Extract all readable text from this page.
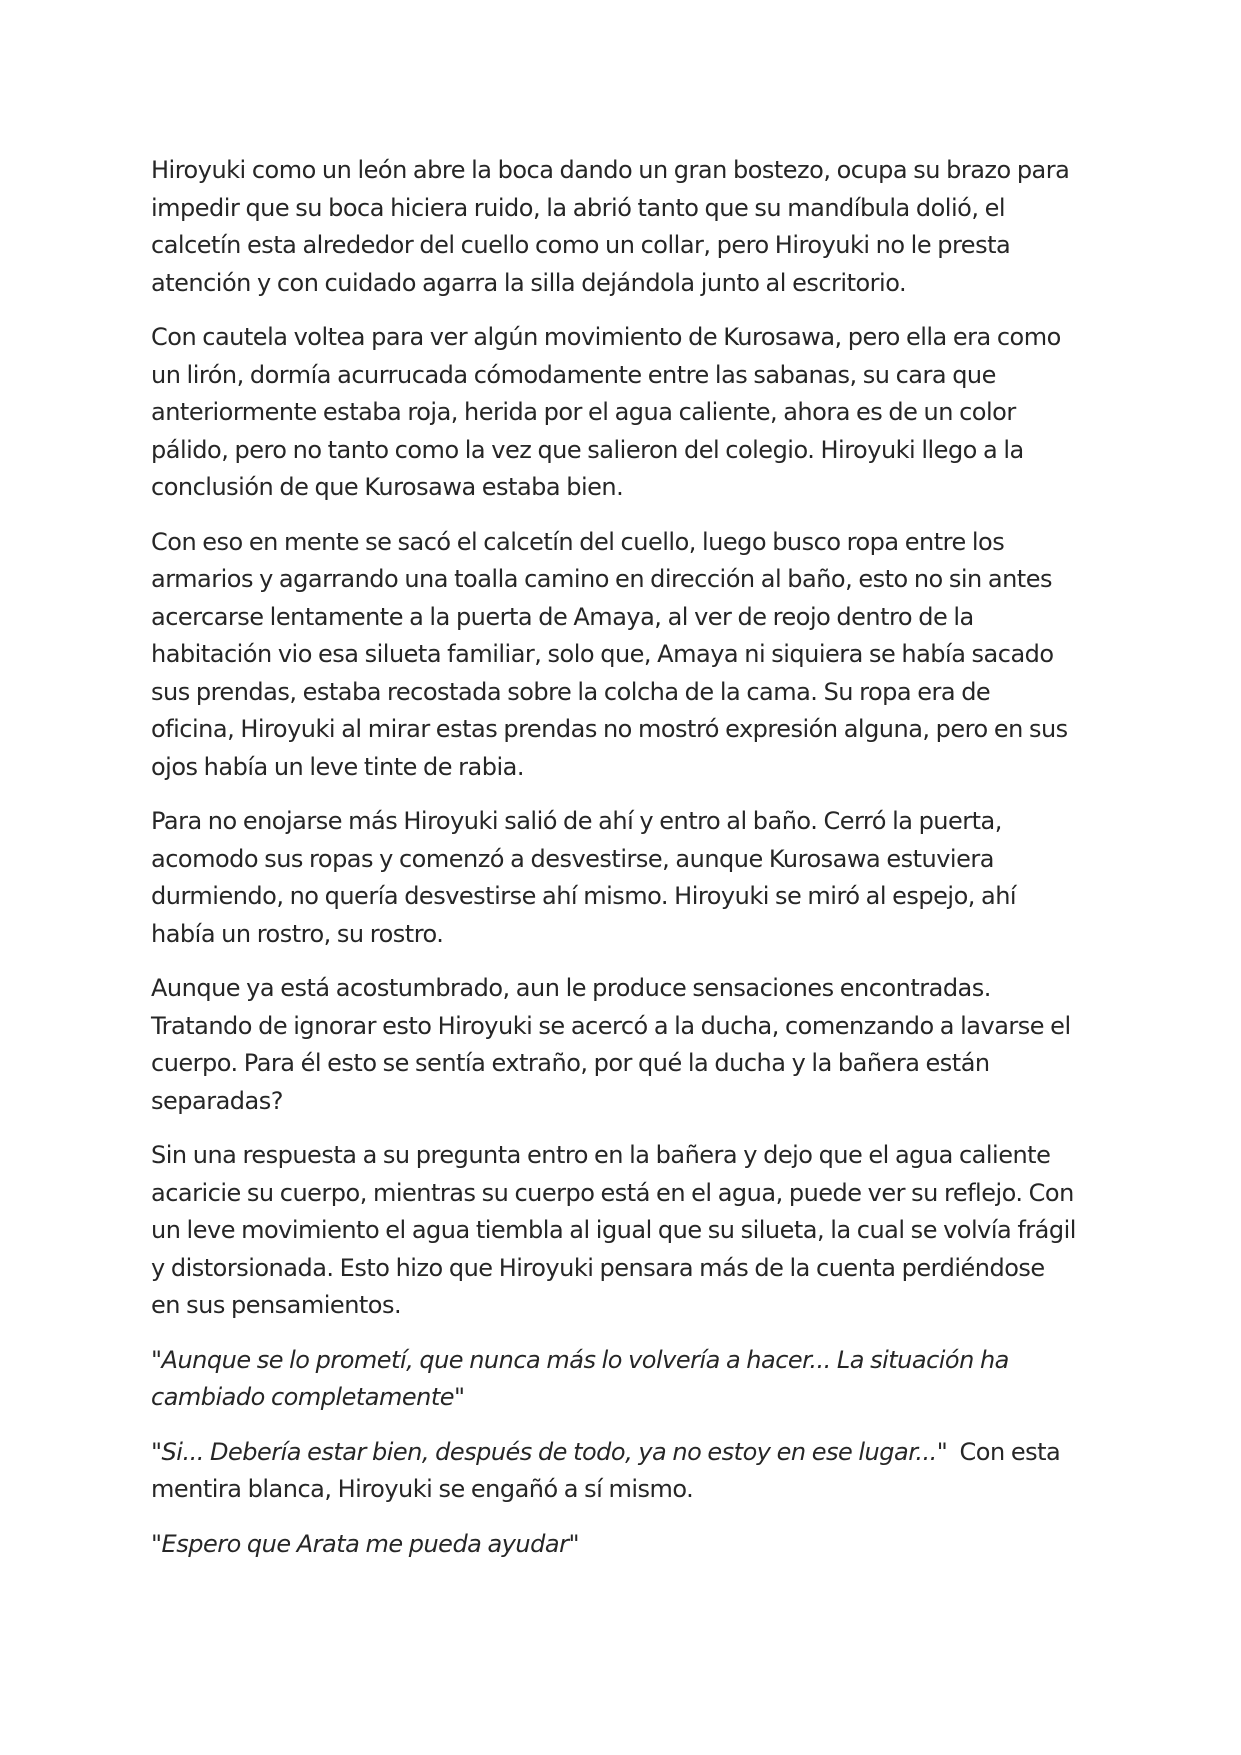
Hiroyuki como un león abre la boca dando un gran bostezo, ocupa su brazo para
impedir que su boca hiciera ruido, la abrió tanto que su mandíbula dolió, el
calcetín esta alrededor del cuello como un collar, pero Hiroyuki no le presta
atención y con cuidado agarra la silla dejándola junto al escritorio.

Con cautela voltea para ver algún movimiento de Kurosawa, pero ella era como
un lirón, dormía acurrucada cómodamente entre las sabanas, su cara que
anteriormente estaba roja, herida por el agua caliente, ahora es de un color
pálido, pero no tanto como la vez que salieron del colegio. Hiroyuki llego a la
conclusión de que Kurosawa estaba bien.

Con eso en mente se sacó el calcetín del cuello, luego busco ropa entre los
armarios y agarrando una toalla camino en dirección al baño, esto no sin antes
acercarse lentamente a la puerta de Amaya, al ver de reojo dentro de la
habitación vio esa silueta familiar, solo que, Amaya ni siquiera se había sacado
sus prendas, estaba recostada sobre la colcha de la cama. Su ropa era de
oficina, Hiroyuki al mirar estas prendas no mostró expresión alguna, pero en sus
ojos había un leve tinte de rabia.

Para no enojarse más Hiroyuki salió de ahí y entro al baño. Cerró la puerta,
acomodo sus ropas y comenzó a desvestirse, aunque Kurosawa estuviera
durmiendo, no quería desvestirse ahí mismo. Hiroyuki se miró al espejo, ahí
había un rostro, su rostro.

Aunque ya está acostumbrado, aun le produce sensaciones encontradas.
Tratando de ignorar esto Hiroyuki se acercó a la ducha, comenzando a lavarse el
cuerpo. Para él esto se sentía extraño, por qué la ducha y la bañera están
separadas?

Sin una respuesta a su pregunta entro en la bañera y dejo que el agua caliente
acaricie su cuerpo, mientras su cuerpo está en el agua, puede ver su reflejo. Con
un leve movimiento el agua tiembla al igual que su silueta, la cual se volvía frágil
y distorsionada. Esto hizo que Hiroyuki pensara más de la cuenta perdiéndose
en sus pensamientos.

"Aunque se lo prometí, que nunca más lo volvería a hacer... La situación ha
cambiado completamente"

"Si... Debería estar bien, después de todo, ya no estoy en ese lugar..."  Con esta
mentira blanca, Hiroyuki se engañó a sí mismo.

"Espero que Arata me pueda ayudar"
